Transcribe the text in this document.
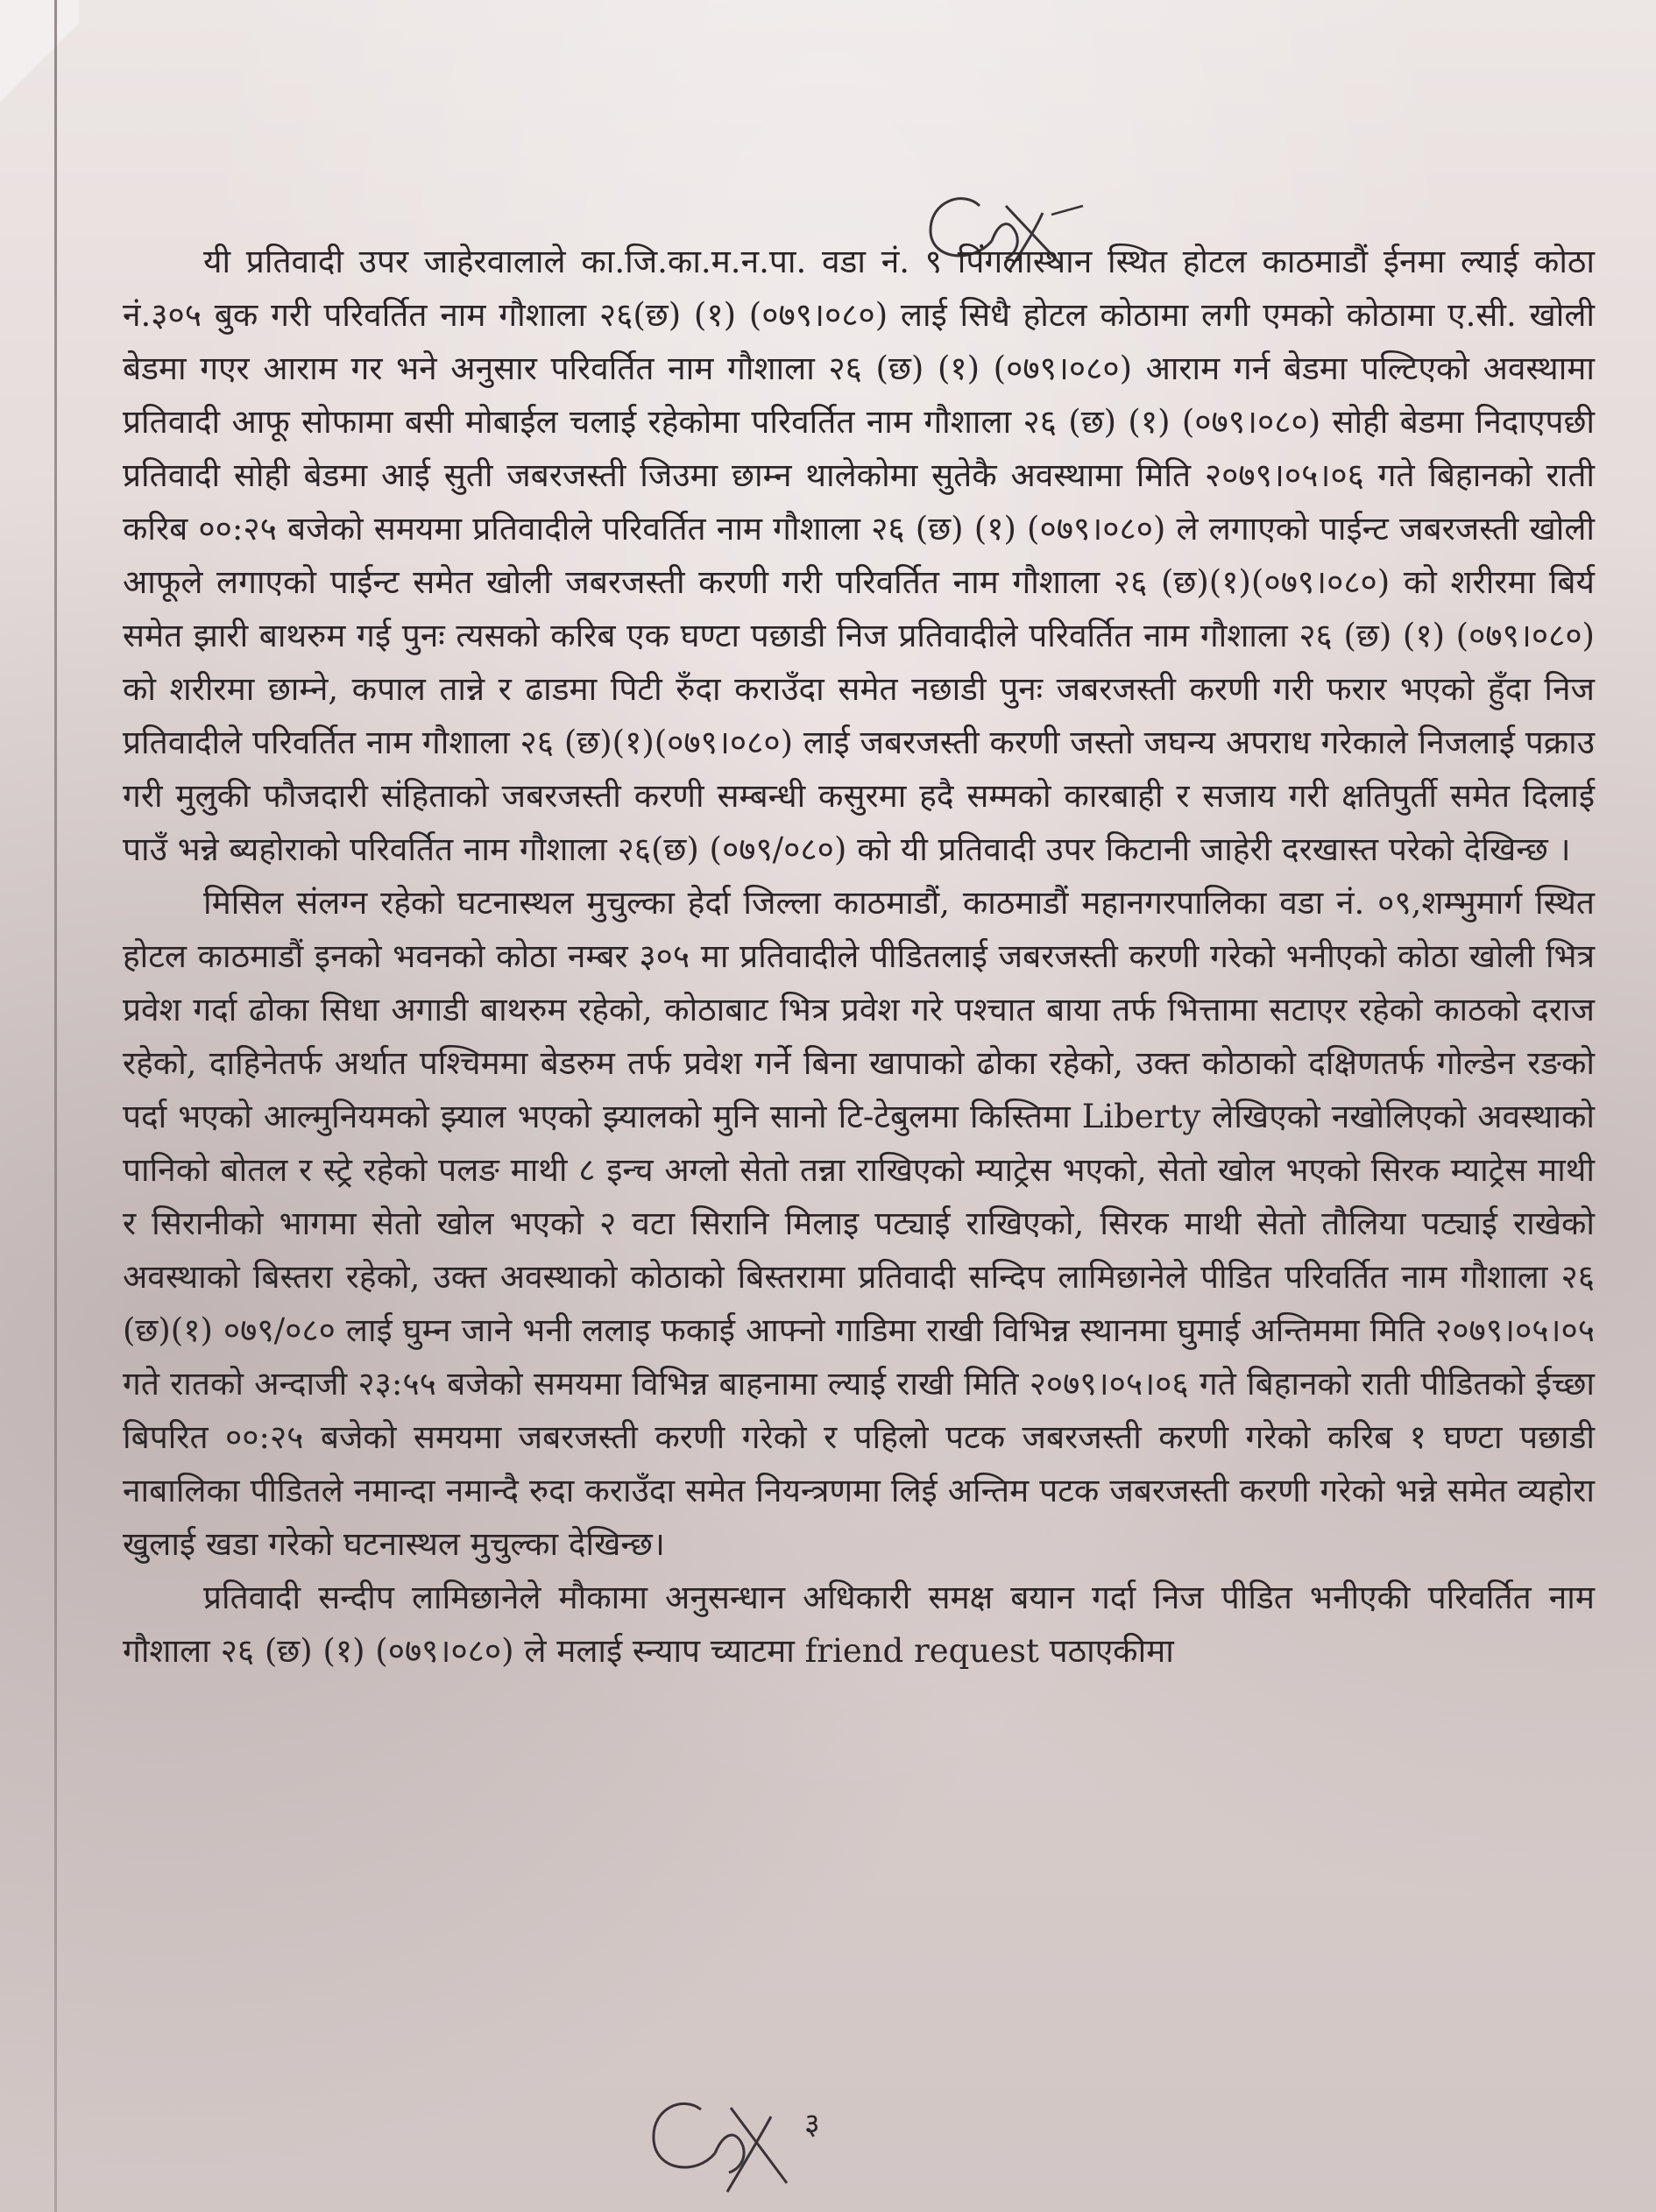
यी प्रतिवादी उपर जाहेरवालाले का.जि.का.म.न.पा. वडा नं. ९ पिंगलास्थान स्थित होटल काठमाडौं ईनमा ल्याई कोठा नं.३०५ बुक गरी परिवर्तित नाम गौशाला २६(छ) (१) (०७९।०८०) लाई सिधै होटल कोठामा लगी एमको कोठामा ए.सी. खोली बेडमा गएर आराम गर भने अनुसार परिवर्तित नाम गौशाला २६ (छ) (१) (०७९।०८०) आराम गर्न बेडमा पल्टिएको अवस्थामा प्रतिवादी आफू सोफामा बसी मोबाईल चलाई रहेकोमा परिवर्तित नाम गौशाला २६ (छ) (१) (०७९।०८०) सोही बेडमा निदाएपछी प्रतिवादी सोही बेडमा आई सुती जबरजस्ती जिउमा छाम्न थालेकोमा सुतेकै अवस्थामा मिति २०७९।०५।०६ गते बिहानको राती करिब ००:२५ बजेको समयमा प्रतिवादीले परिवर्तित नाम गौशाला २६ (छ) (१) (०७९।०८०) ले लगाएको पाईन्ट जबरजस्ती खोली आफूले लगाएको पाईन्ट समेत खोली जबरजस्ती करणी गरी परिवर्तित नाम गौशाला २६ (छ)(१)(०७९।०८०) को शरीरमा बिर्य समेत झारी बाथरुम गई पुनः त्यसको करिब एक घण्टा पछाडी निज प्रतिवादीले परिवर्तित नाम गौशाला २६ (छ) (१) (०७९।०८०) को शरीरमा छाम्ने, कपाल तान्ने र ढाडमा पिटी रुँदा कराउँदा समेत नछाडी पुनः जबरजस्ती करणी गरी फरार भएको हुँदा निज प्रतिवादीले परिवर्तित नाम गौशाला २६ (छ)(१)(०७९।०८०) लाई जबरजस्ती करणी जस्तो जघन्य अपराध गरेकाले निजलाई पक्राउ गरी मुलुकी फौजदारी संहिताको जबरजस्ती करणी सम्बन्धी कसुरमा हदै सम्मको कारबाही र सजाय गरी क्षतिपुर्ती समेत दिलाई पाउँ भन्ने ब्यहोराको परिवर्तित नाम गौशाला २६(छ) (०७९/०८०) को यी प्रतिवादी उपर किटानी जाहेरी दरखास्त परेको देखिन्छ ।

मिसिल संलग्न रहेको घटनास्थल मुचुल्का हेर्दा जिल्ला काठमाडौं, काठमाडौं महानगरपालिका वडा नं. ०९,शम्भुमार्ग स्थित होटल काठमाडौं इनको भवनको कोठा नम्बर ३०५ मा प्रतिवादीले पीडितलाई जबरजस्ती करणी गरेको भनीएको कोठा खोली भित्र प्रवेश गर्दा ढोका सिधा अगाडी बाथरुम रहेको, कोठाबाट भित्र प्रवेश गरे पश्चात बाया तर्फ भित्तामा सटाएर रहेको काठको दराज रहेको, दाहिनेतर्फ अर्थात पश्चिममा बेडरुम तर्फ प्रवेश गर्ने बिना खापाको ढोका रहेको, उक्त कोठाको दक्षिणतर्फ गोल्डेन रङको पर्दा भएको आल्मुनियमको झ्याल भएको झ्यालको मुनि सानो टि-टेबुलमा किस्तिमा Liberty लेखिएको नखोलिएको अवस्थाको पानिको बोतल र स्ट्रे रहेको पलङ माथी ८ इन्च अग्लो सेतो तन्ना राखिएको म्याट्रेस भएको, सेतो खोल भएको सिरक म्याट्रेस माथी र सिरानीको भागमा सेतो खोल भएको २ वटा सिरानि मिलाइ पट्याई राखिएको, सिरक माथी सेतो तौलिया पट्याई राखेको अवस्थाको बिस्तरा रहेको, उक्त अवस्थाको कोठाको बिस्तरामा प्रतिवादी सन्दिप लामिछानेले पीडित परिवर्तित नाम गौशाला २६ (छ)(१) ०७९/०८० लाई घुम्न जाने भनी ललाइ फकाई आफ्नो गाडिमा राखी विभिन्न स्थानमा घुमाई अन्तिममा मिति २०७९।०५।०५ गते रातको अन्दाजी २३:५५ बजेको समयमा विभिन्न बाहनामा ल्याई राखी मिति २०७९।०५।०६ गते बिहानको राती पीडितको ईच्छा बिपरित ००:२५ बजेको समयमा जबरजस्ती करणी गरेको र पहिलो पटक जबरजस्ती करणी गरेको करिब १ घण्टा पछाडी नाबालिका पीडितले नमान्दा नमान्दै रुदा कराउँदा समेत नियन्त्रणमा लिई अन्तिम पटक जबरजस्ती करणी गरेको भन्ने समेत व्यहोरा खुलाई खडा गरेको घटनास्थल मुचुल्का देखिन्छ।

प्रतिवादी सन्दीप लामिछानेले मौकामा अनुसन्धान अधिकारी समक्ष बयान गर्दा निज पीडित भनीएकी परिवर्तित नाम गौशाला २६ (छ) (१) (०७९।०८०) ले मलाई स्न्याप च्याटमा friend request पठाएकीमा

३
